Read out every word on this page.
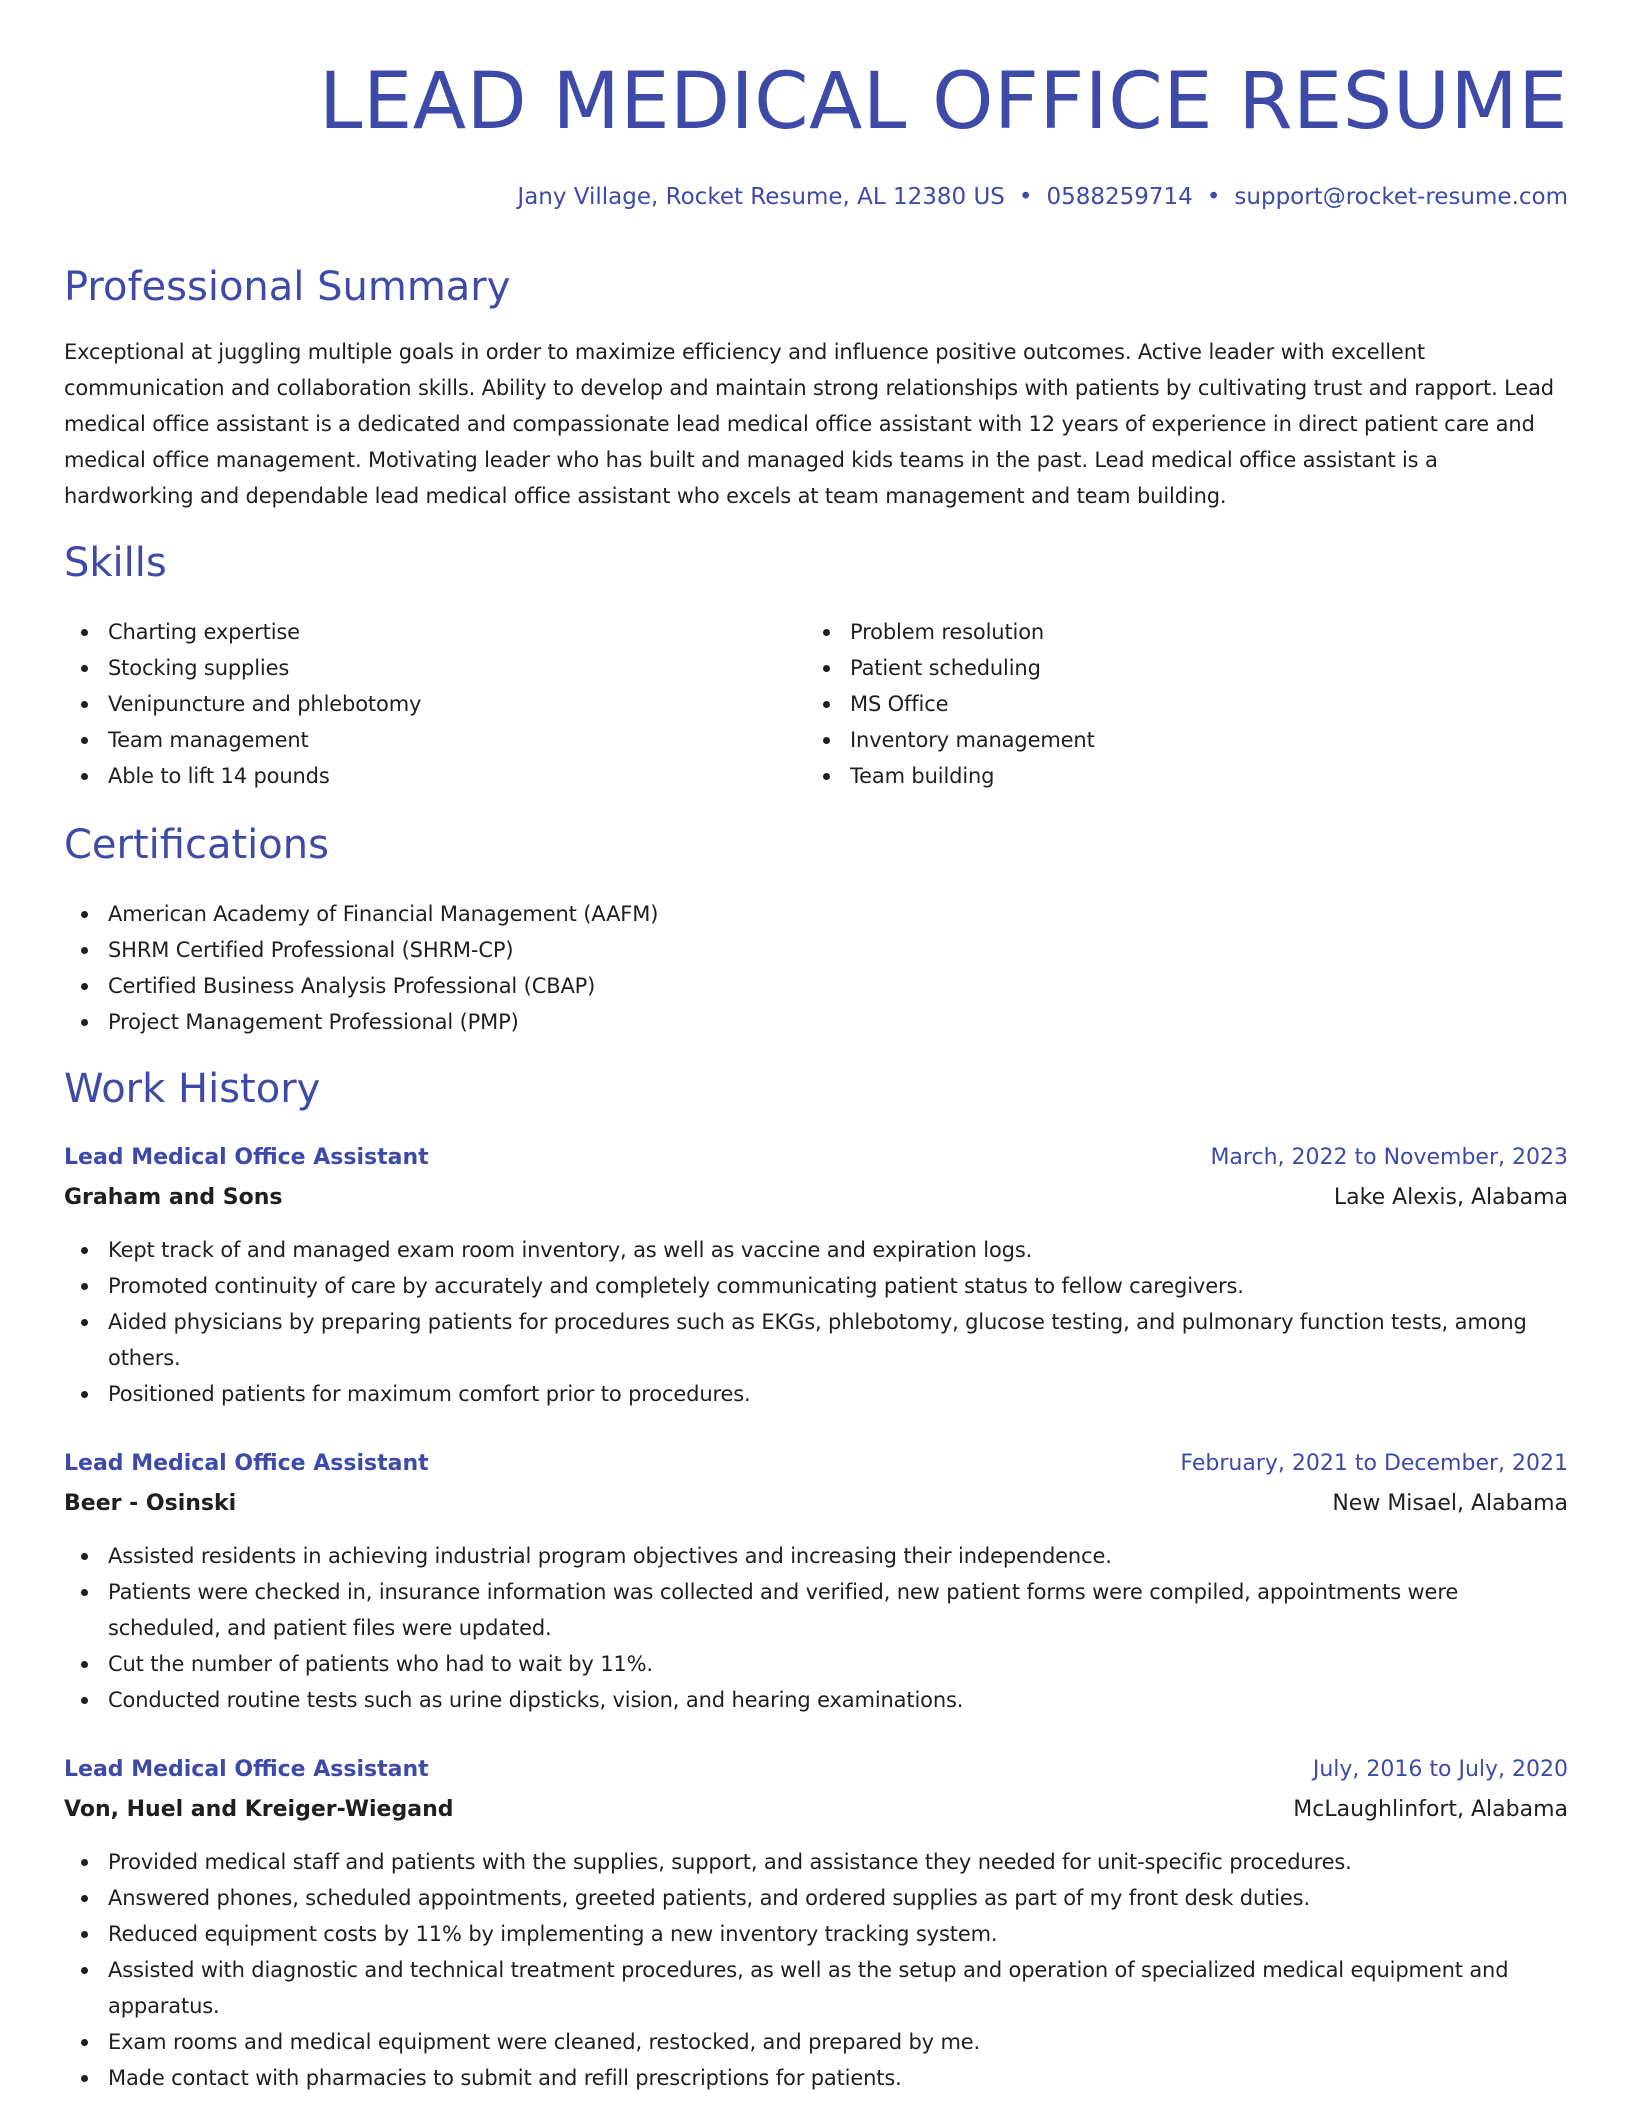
LEAD MEDICAL OFFICE RESUME
Jany Village, Rocket Resume, AL 12380 US • 0588259714 • support@rocket-resume.com
Professional Summary

Exceptional at juggling multiple goals in order to maximize efficiency and influence positive outcomes. Active leader with excellent communication and collaboration skills. Ability to develop and maintain strong relationships with patients by cultivating trust and rapport. Lead medical office assistant is a dedicated and compassionate lead medical office assistant with 12 years of experience in direct patient care and medical office management. Motivating leader who has built and managed kids teams in the past. Lead medical office assistant is a hardworking and dependable lead medical office assistant who excels at team management and team building.

Skills
Charting expertise
Stocking supplies
Venipuncture and phlebotomy
Team management
Able to lift 14 pounds
Problem resolution
Patient scheduling
MS Office
Inventory management
Team building
Certifications
American Academy of Financial Management (AAFM)
SHRM Certified Professional (SHRM-CP)
Certified Business Analysis Professional (CBAP)
Project Management Professional (PMP)
Work History
Lead Medical Office Assistant	March, 2022 to November, 2023
Graham and Sons	Lake Alexis, Alabama
Kept track of and managed exam room inventory, as well as vaccine and expiration logs.
Promoted continuity of care by accurately and completely communicating patient status to fellow caregivers.
Aided physicians by preparing patients for procedures such as EKGs, phlebotomy, glucose testing, and pulmonary function tests, among others.
Positioned patients for maximum comfort prior to procedures.
Lead Medical Office Assistant	February, 2021 to December, 2021
Beer - Osinski	New Misael, Alabama
Assisted residents in achieving industrial program objectives and increasing their independence.
Patients were checked in, insurance information was collected and verified, new patient forms were compiled, appointments were scheduled, and patient files were updated.
Cut the number of patients who had to wait by 11%.
Conducted routine tests such as urine dipsticks, vision, and hearing examinations.
Lead Medical Office Assistant	July, 2016 to July, 2020
Von, Huel and Kreiger-Wiegand	McLaughlinfort, Alabama
Provided medical staff and patients with the supplies, support, and assistance they needed for unit-specific procedures.
Answered phones, scheduled appointments, greeted patients, and ordered supplies as part of my front desk duties.
Reduced equipment costs by 11% by implementing a new inventory tracking system.
Assisted with diagnostic and technical treatment procedures, as well as the setup and operation of specialized medical equipment and apparatus.
Exam rooms and medical equipment were cleaned, restocked, and prepared by me.
Made contact with pharmacies to submit and refill prescriptions for patients.
